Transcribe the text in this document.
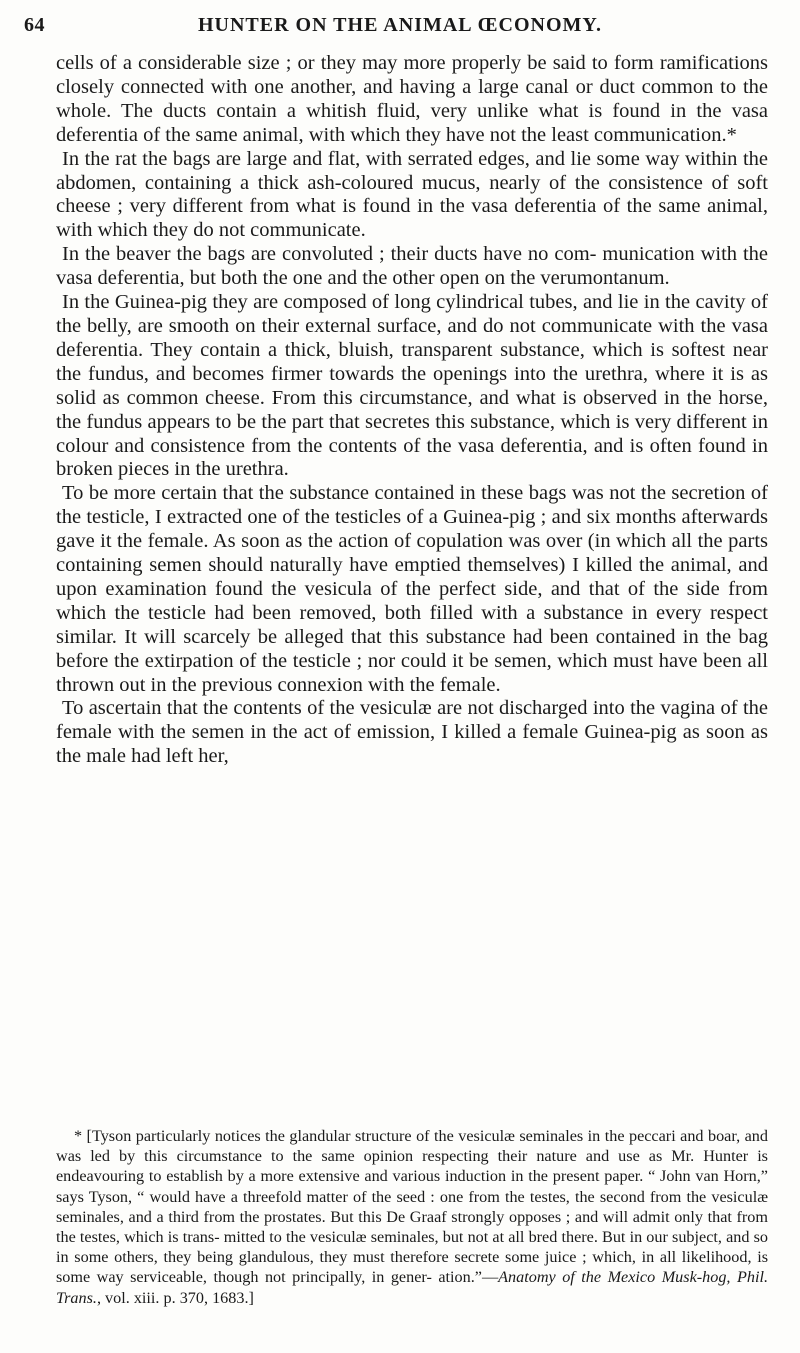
64	HUNTER ON THE ANIMAL ŒCONOMY.

cells of a considerable size ; or they may more properly be said to form ramifications closely connected with one another, and having a large canal or duct common to the whole. The ducts contain a whitish fluid, very unlike what is found in the vasa deferentia of the same animal, with which they have not the least communication.*

In the rat the bags are large and flat, with serrated edges, and lie some way within the abdomen, containing a thick ash-coloured mucus, nearly of the consistence of soft cheese ; very different from what is found in the vasa deferentia of the same animal, with which they do not communicate.

In the beaver the bags are convoluted ; their ducts have no com- munication with the vasa deferentia, but both the one and the other open on the verumontanum.

In the Guinea-pig they are composed of long cylindrical tubes, and lie in the cavity of the belly, are smooth on their external surface, and do not communicate with the vasa deferentia. They contain a thick, bluish, transparent substance, which is softest near the fundus, and becomes firmer towards the openings into the urethra, where it is as solid as common cheese. From this circumstance, and what is observed in the horse, the fundus appears to be the part that secretes this substance, which is very different in colour and consistence from the contents of the vasa deferentia, and is often found in broken pieces in the urethra.

To be more certain that the substance contained in these bags was not the secretion of the testicle, I extracted one of the testicles of a Guinea-pig ; and six months afterwards gave it the female. As soon as the action of copulation was over (in which all the parts containing semen should naturally have emptied themselves) I killed the animal, and upon examination found the vesicula of the perfect side, and that of the side from which the testicle had been removed, both filled with a substance in every respect similar. It will scarcely be alleged that this substance had been contained in the bag before the extirpation of the testicle ; nor could it be semen, which must have been all thrown out in the previous connexion with the female.

To ascertain that the contents of the vesiculæ are not discharged into the vagina of the female with the semen in the act of emission, I killed a female Guinea-pig as soon as the male had left her,

* [Tyson particularly notices the glandular structure of the vesiculæ seminales in the peccari and boar, and was led by this circumstance to the same opinion respecting their nature and use as Mr. Hunter is endeavouring to establish by a more extensive and various induction in the present paper. “ John van Horn,” says Tyson, “ would have a threefold matter of the seed : one from the testes, the second from the vesiculæ seminales, and a third from the prostates. But this De Graaf strongly opposes ; and will admit only that from the testes, which is trans- mitted to the vesiculæ seminales, but not at all bred there. But in our subject, and so in some others, they being glandulous, they must therefore secrete some juice ; which, in all likelihood, is some way serviceable, though not principally, in gener- ation.”—Anatomy of the Mexico Musk-hog, Phil. Trans., vol. xiii. p. 370, 1683.]
